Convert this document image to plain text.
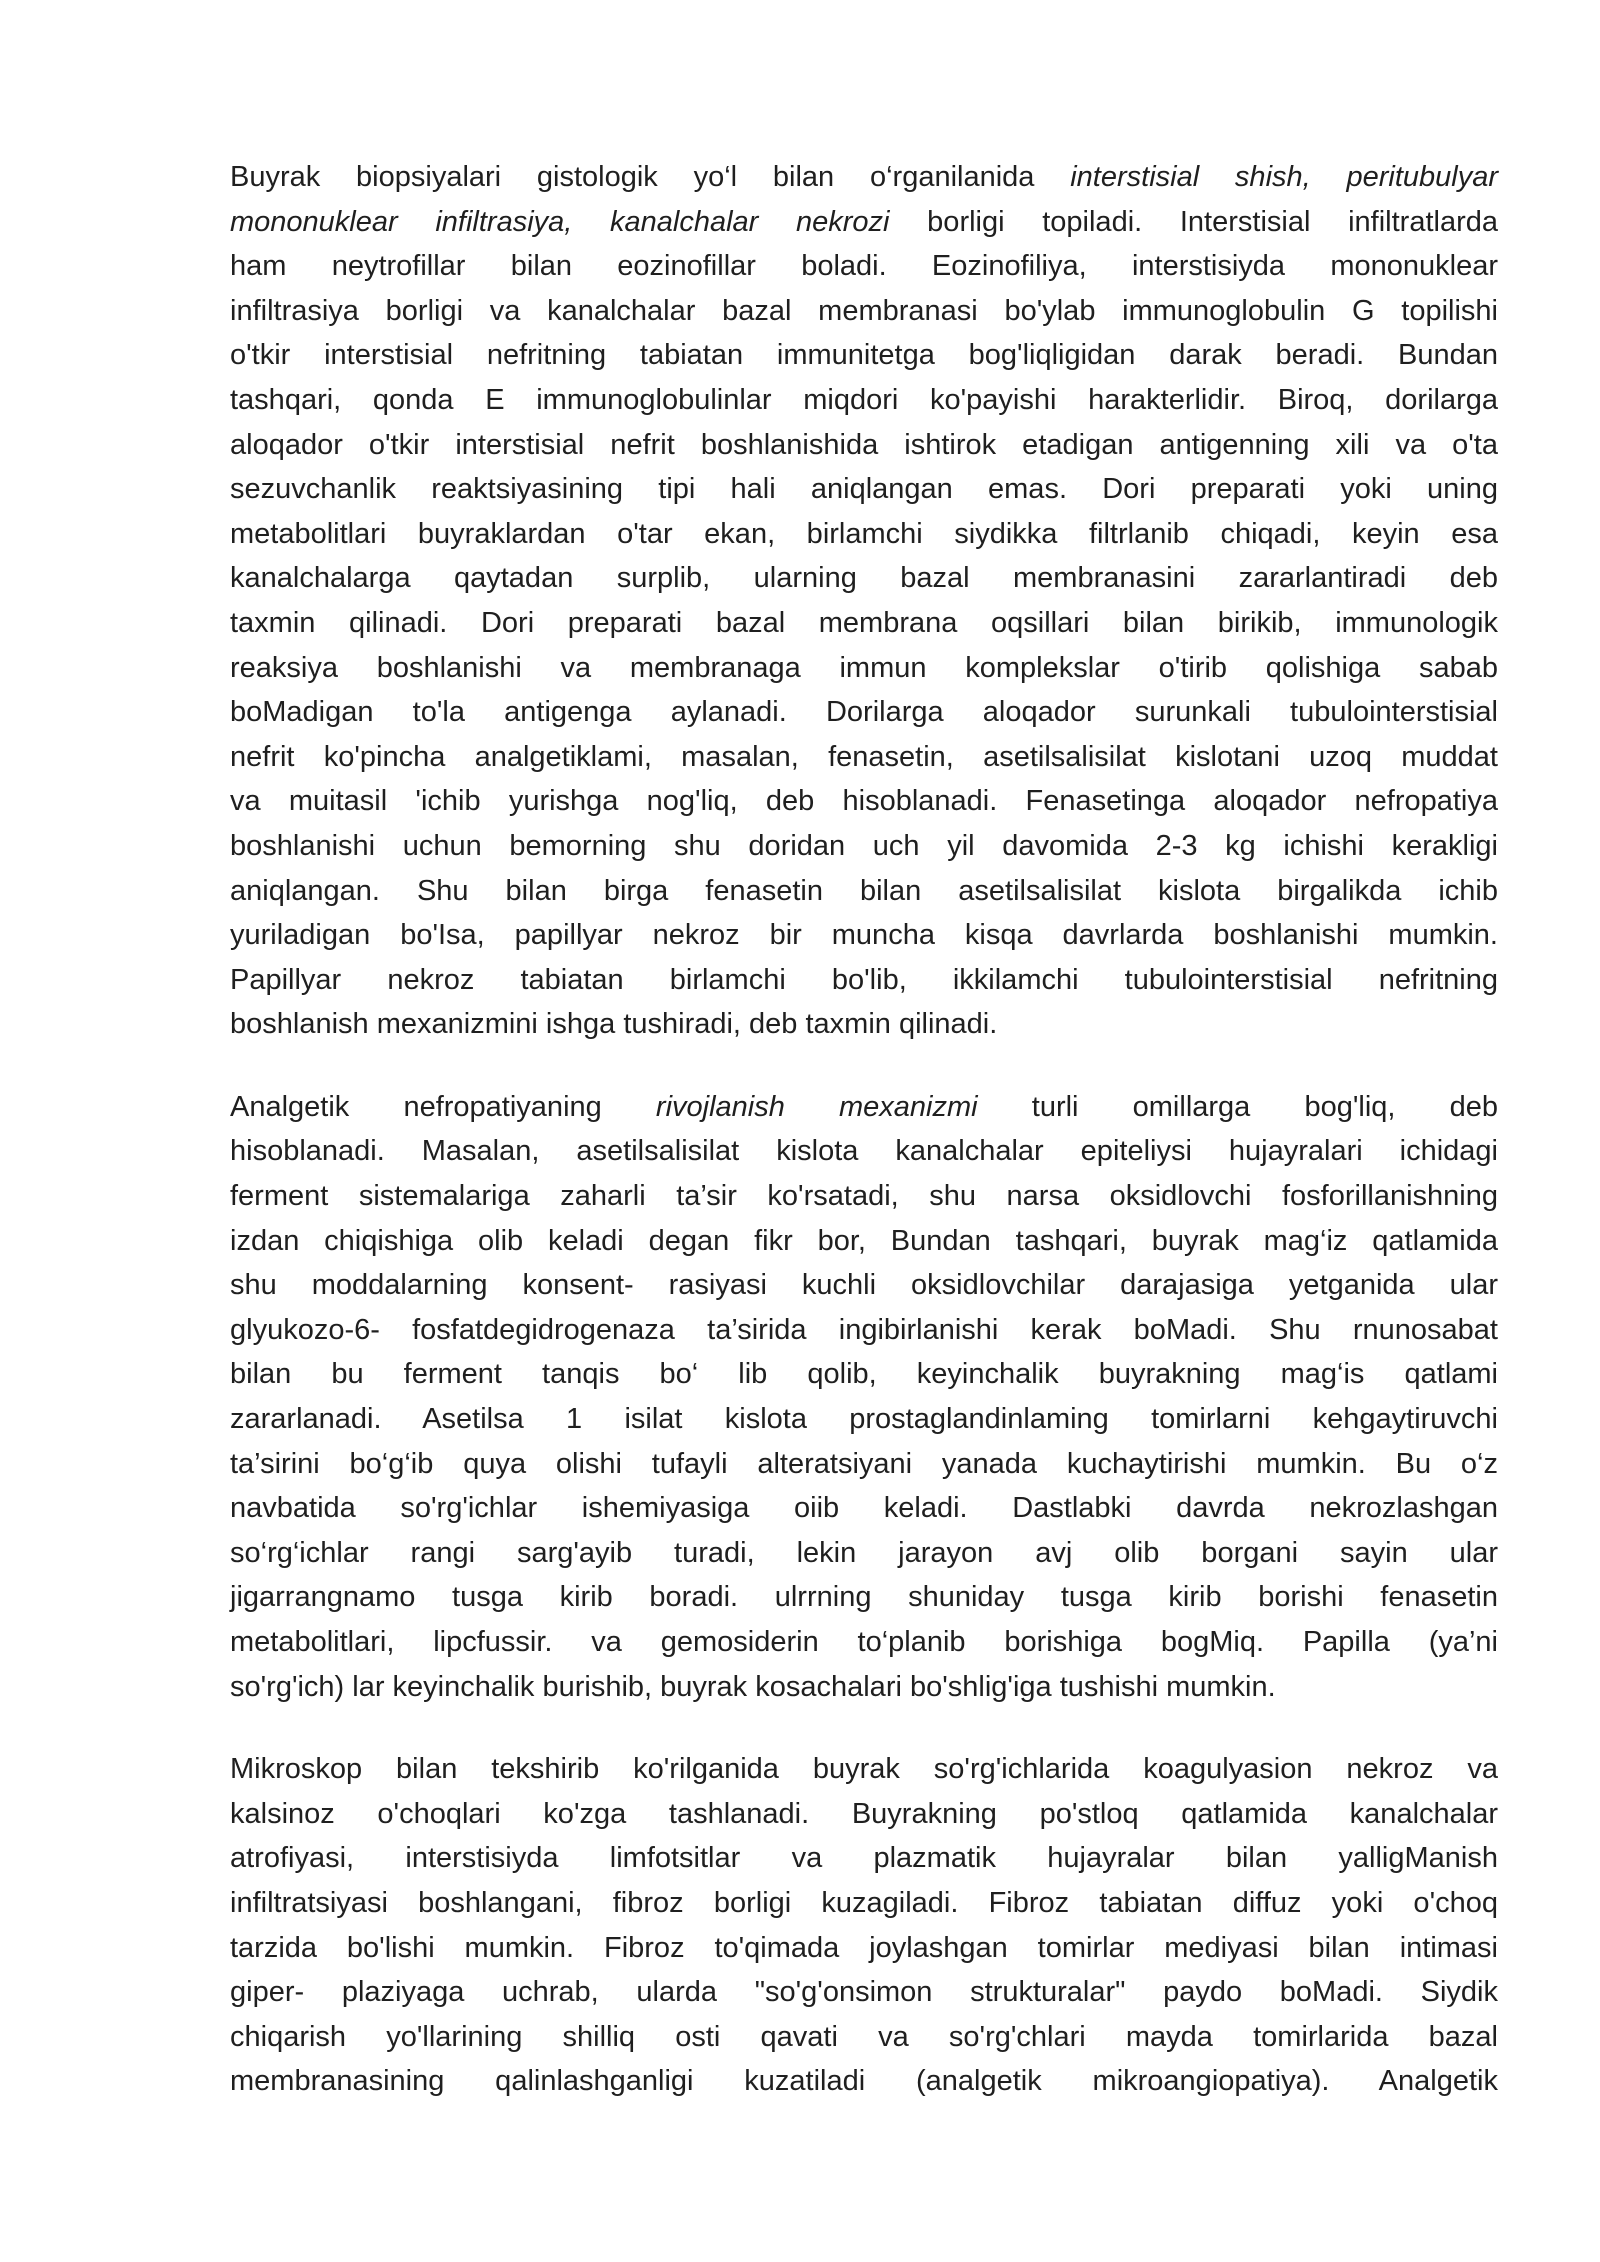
Buyrak biopsiyalari gistologik yo‘l bilan o‘rganilanida interstisial shish, peritubulyar
mononuklear infiltrasiya, kanalchalar nekrozi borligi topiladi. Interstisial infiltratlarda
ham neytrofillar bilan eozinofillar boladi. Eozinofiliya, interstisiyda mononuklear
infiltrasiya borligi va kanalchalar bazal membranasi bo'ylab immunoglobulin G topilishi
o'tkir interstisial nefritning tabiatan immunitetga bog'liqligidan darak beradi. Bundan
tashqari, qonda E immunoglobulinlar miqdori ko'payishi harakterlidir. Biroq, dorilarga
aloqador o'tkir interstisial nefrit boshlanishida ishtirok etadigan antigenning xili va o'ta
sezuvchanlik reaktsiyasining tipi hali aniqlangan emas. Dori preparati yoki uning
metabolitlari buyraklardan o'tar ekan, birlamchi siydikka filtrlanib chiqadi, keyin esa
kanalchalarga qaytadan surplib, ularning bazal membranasini zararlantiradi deb
taxmin qilinadi. Dori preparati bazal membrana oqsillari bilan birikib, immunologik
reaksiya boshlanishi va membranaga immun komplekslar o'tirib qolishiga sabab
boMadigan to'la antigenga aylanadi. Dorilarga aloqador surunkali tubulointerstisial
nefrit ko'pincha analgetiklami, masalan, fenasetin, asetilsalisilat kislotani uzoq muddat
va muitasil 'ichib yurishga nog'liq, deb hisoblanadi. Fenasetinga aloqador nefropatiya
boshlanishi uchun bemorning shu doridan uch yil davomida 2-3 kg ichishi kerakligi
aniqlangan. Shu bilan birga fenasetin bilan asetilsalisilat kislota birgalikda ichib
yuriladigan bo'Isa, papillyar nekroz bir muncha kisqa davrlarda boshlanishi mumkin.
Papillyar nekroz tabiatan birlamchi bo'lib, ikkilamchi tubulointerstisial nefritning
boshlanish mexanizmini ishga tushiradi, deb taxmin qilinadi.
Analgetik nefropatiyaning rivojlanish mexanizmi turli omillarga bog'liq, deb
hisoblanadi. Masalan, asetilsalisilat kislota kanalchalar epiteliysi hujayralari ichidagi
ferment sistemalariga zaharli ta’sir ko'rsatadi, shu narsa oksidlovchi fosforillanishning
izdan chiqishiga olib keladi degan fikr bor, Bundan tashqari, buyrak mag‘iz qatlamida
shu moddalarning konsent- rasiyasi kuchli oksidlovchilar darajasiga yetganida ular
glyukozo-6- fosfatdegidrogenaza ta’sirida ingibirlanishi kerak boMadi. Shu rnunosabat
bilan bu ferment tanqis bo‘ lib qolib, keyinchalik buyrakning mag‘is qatlami
zararlanadi. Asetilsa 1 isilat kislota prostaglandinlaming tomirlarni kehgaytiruvchi
ta’sirini bo‘g‘ib quya olishi tufayli alteratsiyani yanada kuchaytirishi mumkin. Bu o‘z
navbatida so'rg'ichlar ishemiyasiga oiib keladi. Dastlabki davrda nekrozlashgan
so‘rg‘ichlar rangi sarg'ayib turadi, lekin jarayon avj olib borgani sayin ular
jigarrangnamo tusga kirib boradi. ulrrning shuniday tusga kirib borishi fenasetin
metabolitlari, lipcfussir. va gemosiderin to‘planib borishiga bogMiq. Papilla (ya’ni
so'rg'ich) lar keyinchalik burishib, buyrak kosachalari bo'shlig'iga tushishi mumkin.
Mikroskop bilan tekshirib ko'rilganida buyrak so'rg'ichlarida koagulyasion nekroz va
kalsinoz o'choqlari ko'zga tashlanadi. Buyrakning po'stloq qatlamida kanalchalar
atrofiyasi, interstisiyda limfotsitlar va plazmatik hujayralar bilan yalligManish
infiltratsiyasi boshlangani, fibroz borligi kuzagiladi. Fibroz tabiatan diffuz yoki o'choq
tarzida bo'lishi mumkin. Fibroz to'qimada joylashgan tomirlar mediyasi bilan intimasi
giper- plaziyaga uchrab, ularda "so'g'onsimon strukturalar" paydo boMadi. Siydik
chiqarish yo'llarining shilliq osti qavati va so'rg'chlari mayda tomirlarida bazal
membranasining qalinlashganligi kuzatiladi (analgetik mikroangiopatiya). Analgetik
